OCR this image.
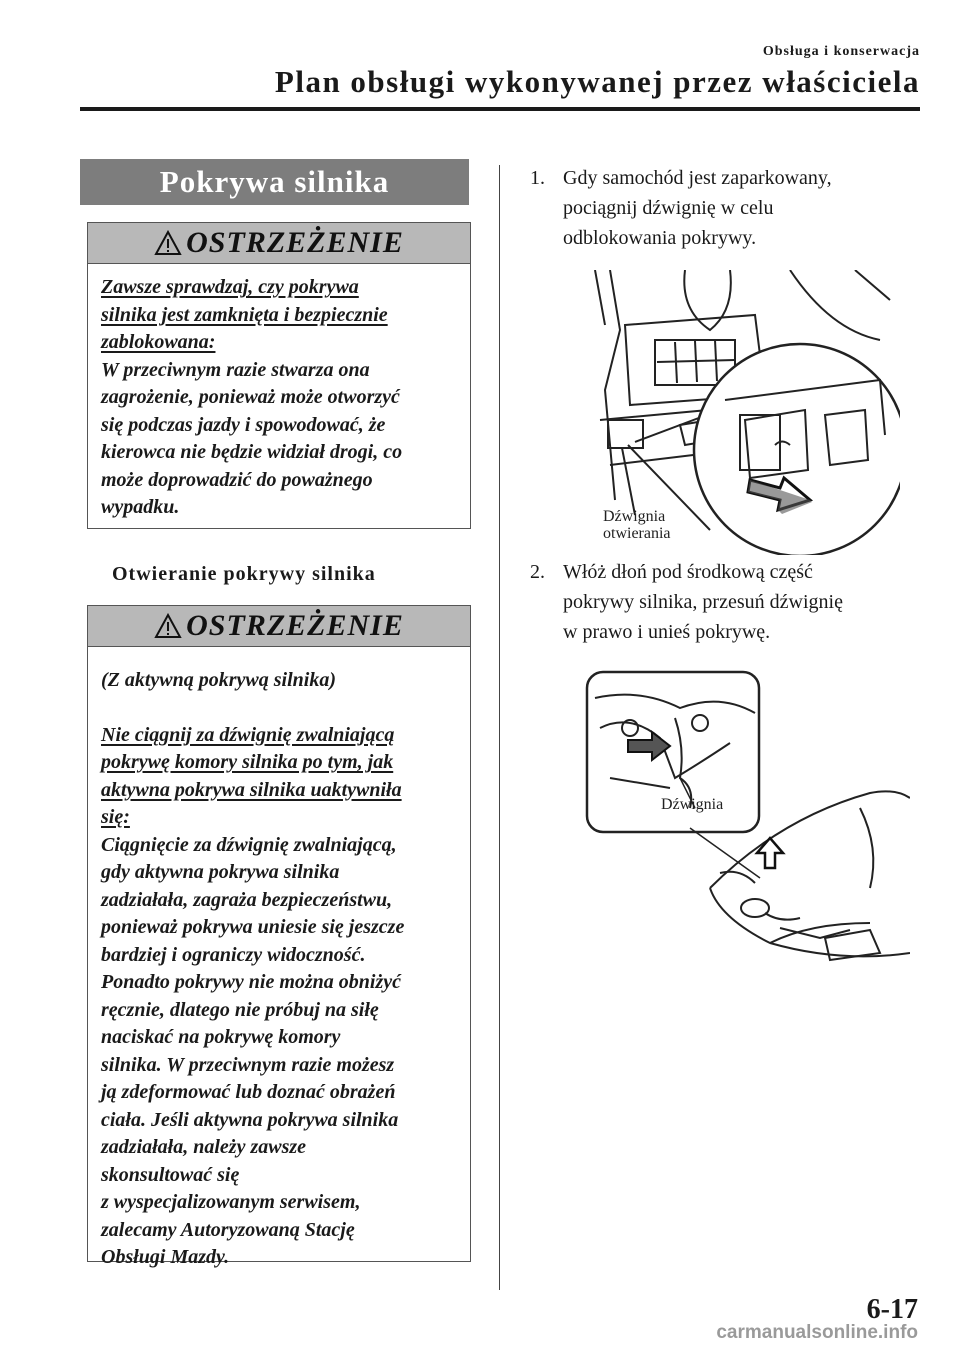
Obsługa i konserwacja
Plan obsługi wykonywanej przez właściciela
Pokrywa silnika
OSTRZEŻENIE
Zawsze sprawdzaj, czy pokrywa
silnika jest zamknięta i bezpiecznie
zablokowana:
W przeciwnym razie stwarza ona
zagrożenie, ponieważ może otworzyć
się podczas jazdy i spowodować, że
kierowca nie będzie widział drogi, co
może doprowadzić do poważnego
wypadku.
Otwieranie pokrywy silnika
OSTRZEŻENIE
(Z aktywną pokrywą silnika)
Nie ciągnij za dźwignię zwalniającą
pokrywę komory silnika po tym, jak
aktywna pokrywa silnika uaktywniła
się:
Ciągnięcie za dźwignię zwalniającą,
gdy aktywna pokrywa silnika
zadziałała, zagraża bezpieczeństwu,
ponieważ pokrywa uniesie się jeszcze
bardziej i ograniczy widoczność.
Ponadto pokrywy nie można obniżyć
ręcznie, dlatego nie próbuj na siłę
naciskać na pokrywę komory
silnika. W przeciwnym razie możesz
ją zdeformować lub doznać obrażeń
ciała. Jeśli aktywna pokrywa silnika
zadziałała, należy zawsze
skonsultować się
z wyspecjalizowanym serwisem,
zalecamy Autoryzowaną Stację
Obsługi Mazdy.
1. Gdy samochód jest zaparkowany,
pociągnij dźwignię w celu
odblokowania pokrywy.
Dźwignia
otwierania
2. Włóż dłoń pod środkową część
pokrywy silnika, przesuń dźwignię
w prawo i unieś pokrywę.
Dźwignia
6-17
carmanualsonline.info
